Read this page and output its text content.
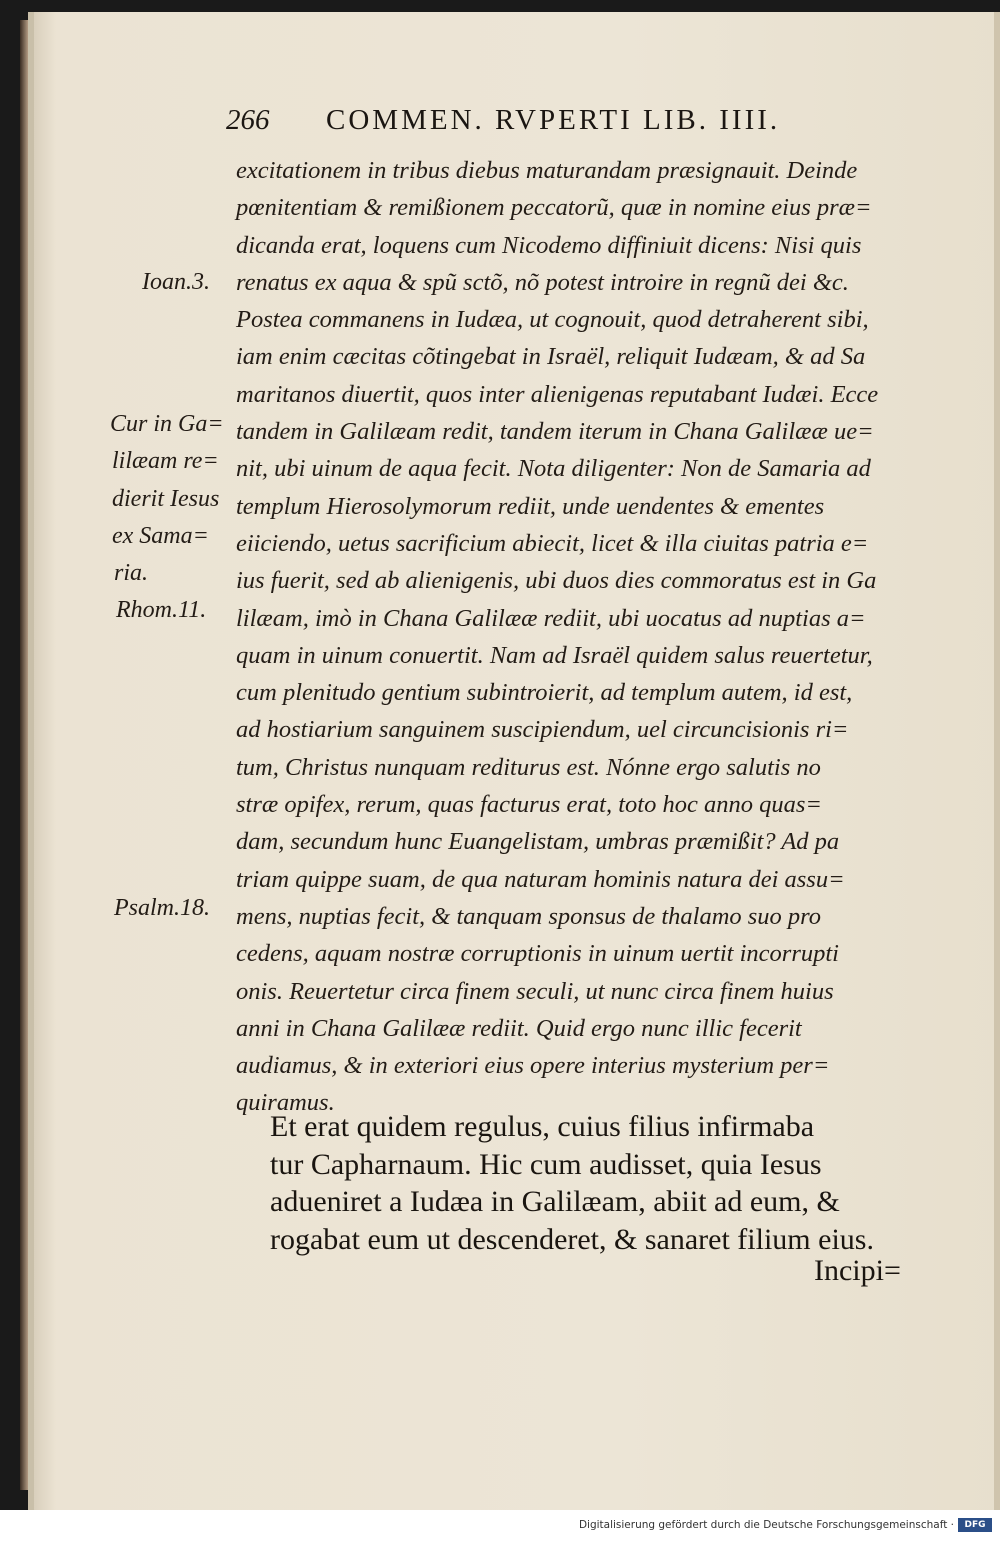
266 COMMEN. RVPERTI LIB. IIII.
excitationem in tribus diebus maturandam præsignauit. Deinde
pœnitentiam & remißionem peccatorũ, quæ in nomine eius præ=
dicanda erat, loquens cum Nicodemo diffiniuit dicens: Nisi quis
renatus ex aqua & spũ sctõ, nõ potest introire in regnũ dei &c.
Postea commanens in Iudæa, ut cognouit, quod detraherent sibi,
iam enim cæcitas cõtingebat in Israël, reliquit Iudæam, & ad Sa
maritanos diuertit, quos inter alienigenas reputabant Iudæi. Ecce
tandem in Galilæam redit, tandem iterum in Chana Galilææ ue=
nit, ubi uinum de aqua fecit. Nota diligenter: Non de Samaria ad
templum Hierosolymorum rediit, unde uendentes & ementes
eiiciendo, uetus sacrificium abiecit, licet & illa ciuitas patria e=
ius fuerit, sed ab alienigenis, ubi duos dies commoratus est in Ga
lilæam, imò in Chana Galilææ rediit, ubi uocatus ad nuptias a=
quam in uinum conuertit. Nam ad Israël quidem salus reuertetur,
cum plenitudo gentium subintroierit, ad templum autem, id est,
ad hostiarium sanguinem suscipiendum, uel circuncisionis ri=
tum, Christus nunquam rediturus est. Nónne ergo salutis no
stræ opifex, rerum, quas facturus erat, toto hoc anno quas=
dam, secundum hunc Euangelistam, umbras præmißit? Ad pa
triam quippe suam, de qua naturam hominis natura dei assu=
mens, nuptias fecit, & tanquam sponsus de thalamo suo pro
cedens, aquam nostræ corruptionis in uinum uertit incorrupti
onis. Reuertetur circa finem seculi, ut nunc circa finem huius
anni in Chana Galilææ rediit. Quid ergo nunc illic fecerit
audiamus, & in exteriori eius opere interius mysterium per=
quiramus.
Ioan.3.
Cur in Ga=
lilæam re=
dierit Iesus
ex Sama=
ria.
Rhom.11.
Psalm.18.
Et erat quidem regulus, cuius filius infirmaba
tur Capharnaum. Hic cum audisset, quia Iesus
adueniret a Iudæa in Galilæam, abiit ad eum, &
rogabat eum ut descenderet, & sanaret filium eius.
Incipi=
Digitalisierung gefördert durch die Deutsche Forschungsgemeinschaft ·	DFG
